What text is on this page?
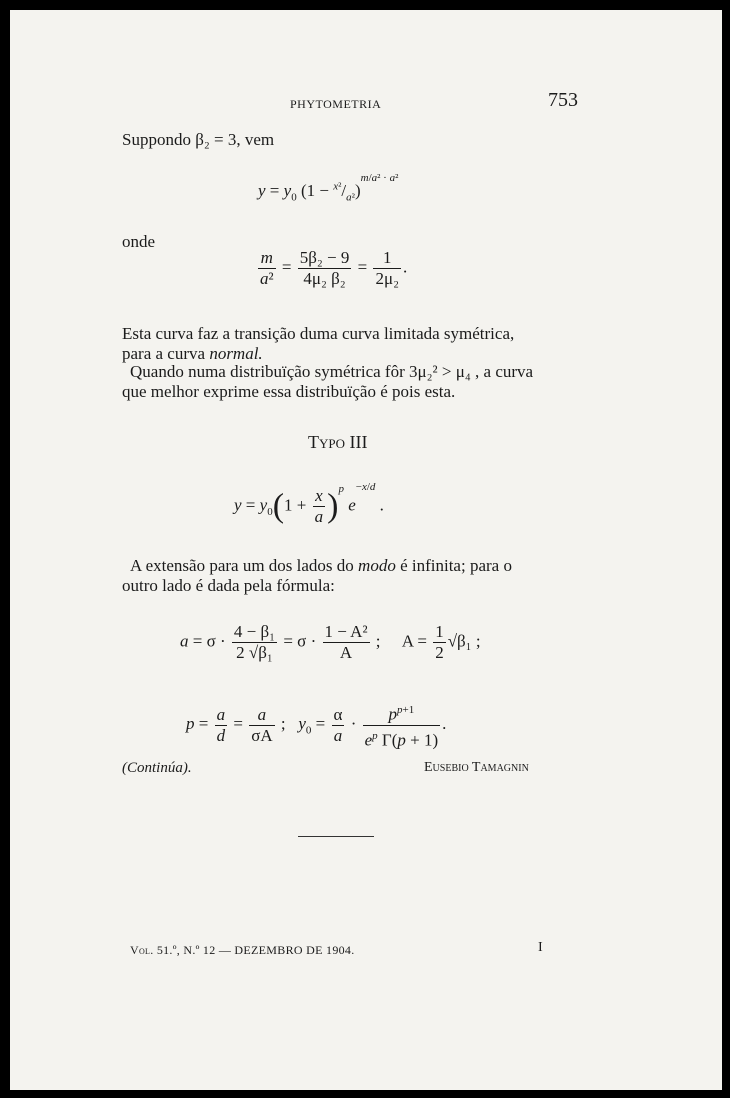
PHYTOMETRIA	753
Suppondo β₂ = 3, vem
$y = y_0$ $(1 - ^{x^2}/_{a^2})^{m/a^2 \cdot a^2}$
onde
$\frac{m}{\text{a²}} = \frac{\text{5β₂ − 9}}{\text{4μ₂ β₂}} = \frac{1}{\text{2μ₂}}$ .
Esta curva faz a transição duma curva limitada symétrica,
para a curva normal.
Quando numa distribuïção symétrica fôr 3μ₂² > μ₄ , a curva
que melhor exprime essa distribuïção é pois esta.
Typo III
$y = y_0(1 + \frac{x}{a} )^p$ $e^{-x/d}$ .
A extensão para um dos lados do modo é infinita; para o
outro lado é dada pela fórmula:
$a = \sigma \cdot \frac{\text{4 − β₁}}{\text{2 √β₁}} = \sigma \cdot \frac{\text{1 − A²}}{A}$ ;     $A = \frac{1}{2} √\beta_1$ ;
$p = \frac{a}{d} = \frac{a}{\sigma A}$ ;   $y_0 = \frac{\alpha}{a} \cdot \frac{p^{p+1}}{e^p \Gamma(p + 1)}$ .
(Continúa).	Eusebio Tamagnin
Vol. 51.º, N.º 12 — DEZEMBRO DE 1904.	I
